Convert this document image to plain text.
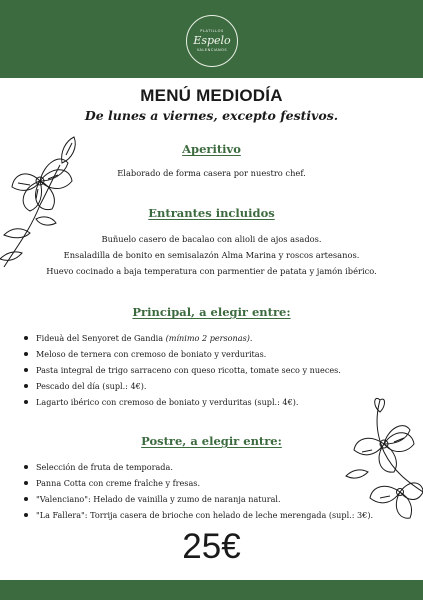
PLATILLOS
Espelo
VALENCIANOS
MENÚ MEDIODÍA
De lunes a viernes, excepto festivos.
Aperitivo
Elaborado de forma casera por nuestro chef.
Entrantes incluidos
Buñuelo casero de bacalao con alioli de ajos asados.
Ensaladilla de bonito en semisalazón Alma Marina y roscos artesanos.
Huevo cocinado a baja temperatura con parmentier de patata y jamón ibérico.
Principal, a elegir entre:
Fideuà del Senyoret de Gandia (mínimo 2 personas).
Meloso de ternera con cremoso de boniato y verduritas.
Pasta integral de trigo sarraceno con queso ricotta, tomate seco y nueces.
Pescado del día (supl.: 4€).
Lagarto ibérico con cremoso de boniato y verduritas (supl.: 4€).
Postre, a elegir entre:
Selección de fruta de temporada.
Panna Cotta con creme fraîche y fresas.
"Valenciano": Helado de vainilla y zumo de naranja natural.
"La Fallera": Torrija casera de brioche con helado de leche merengada (supl.: 3€).
25€
